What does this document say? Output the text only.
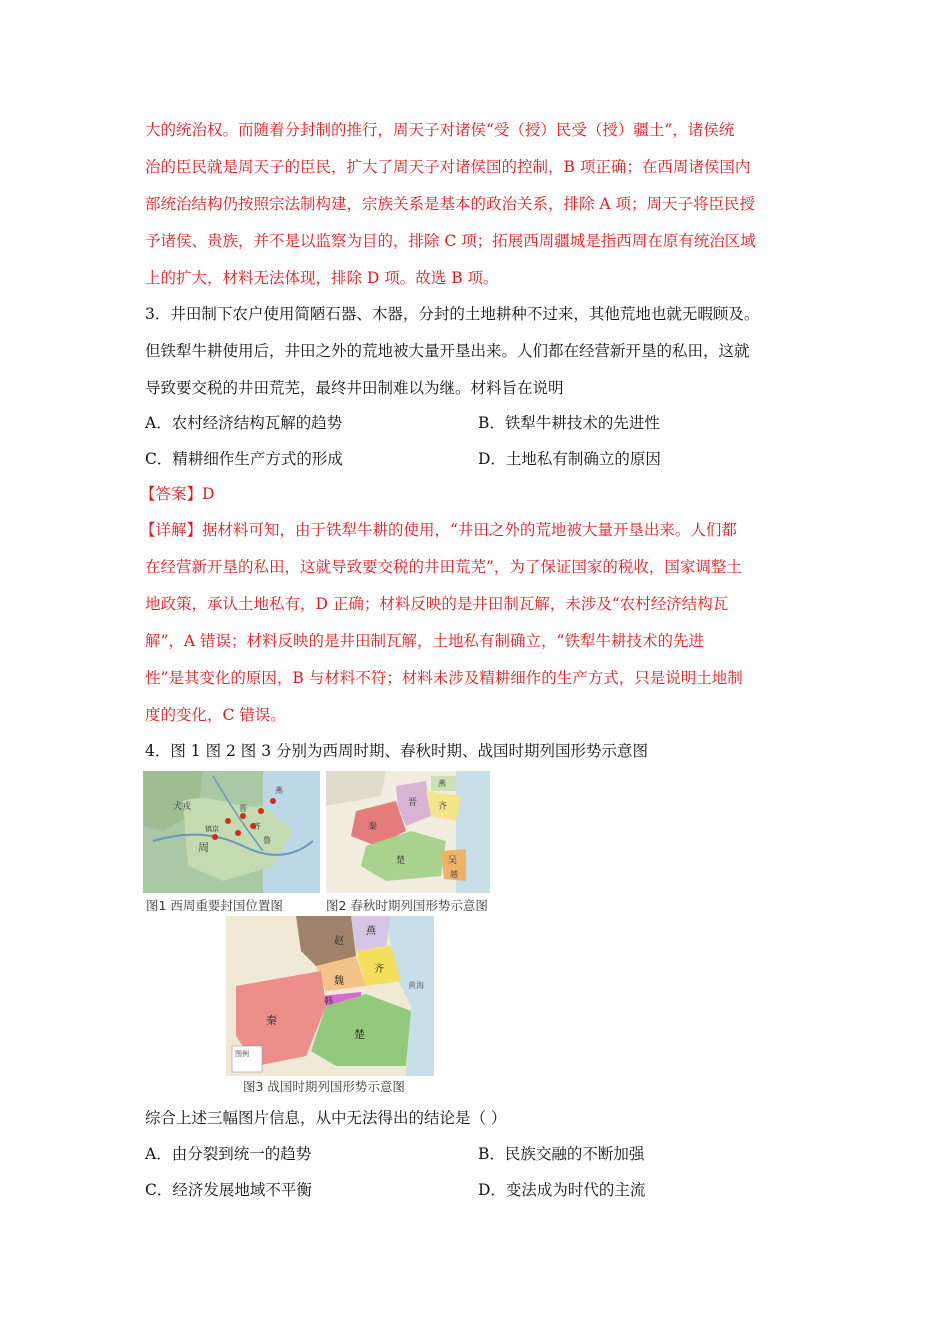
大的统治权。而随着分封制的推行，周天子对诸侯“受（授）民受（授）疆土”，诸侯统
治的臣民就是周天子的臣民，扩大了周天子对诸侯国的控制，B 项正确；在西周诸侯国内
部统治结构仍按照宗法制构建，宗族关系是基本的政治关系，排除 A 项；周天子将臣民授
予诸侯、贵族，并不是以监察为目的，排除 C 项；拓展西周疆城是指西周在原有统治区域
上的扩大，材料无法体现，排除 D 项。故选 B 项。
3．井田制下农户使用简陋石器、木器，分封的土地耕种不过来，其他荒地也就无暇顾及。
但铁犁牛耕使用后，井田之外的荒地被大量开垦出来。人们都在经营新开垦的私田，这就
导致要交税的井田荒芜，最终井田制难以为继。材料旨在说明
A．农村经济结构瓦解的趋势	B．铁犁牛耕技术的先进性
C．精耕细作生产方式的形成	D．土地私有制确立的原因
【答案】D
【详解】据材料可知，由于铁犁牛耕的使用，“井田之外的荒地被大量开垦出来。人们都
在经营新开垦的私田，这就导致要交税的井田荒芜”，为了保证国家的税收，国家调整土
地政策，承认土地私有，D 正确；材料反映的是井田制瓦解，未涉及“农村经济结构瓦
解”，A 错误；材料反映的是井田制瓦解，土地私有制确立，“铁犁牛耕技术的先进
性”是其变化的原因，B 与材料不符；材料未涉及精耕细作的生产方式，只是说明土地制
度的变化，C 错误。
4．图 1 图 2 图 3 分别为西周时期、春秋时期、战国时期列国形势示意图
犬戎
周
齐
鲁
燕
晋
镐京
晋 齐
秦
楚	吴
燕
越
图1 西周重要封国位置图	图2 春秋时期列国形势示意图
赵
燕
齐
魏
韩
秦
楚
黄海
图例
图3 战国时期列国形势示意图
综合上述三幅图片信息，从中无法得出的结论是（ ）
A．由分裂到统一的趋势	B．民族交融的不断加强
C．经济发展地域不平衡	D．变法成为时代的主流
